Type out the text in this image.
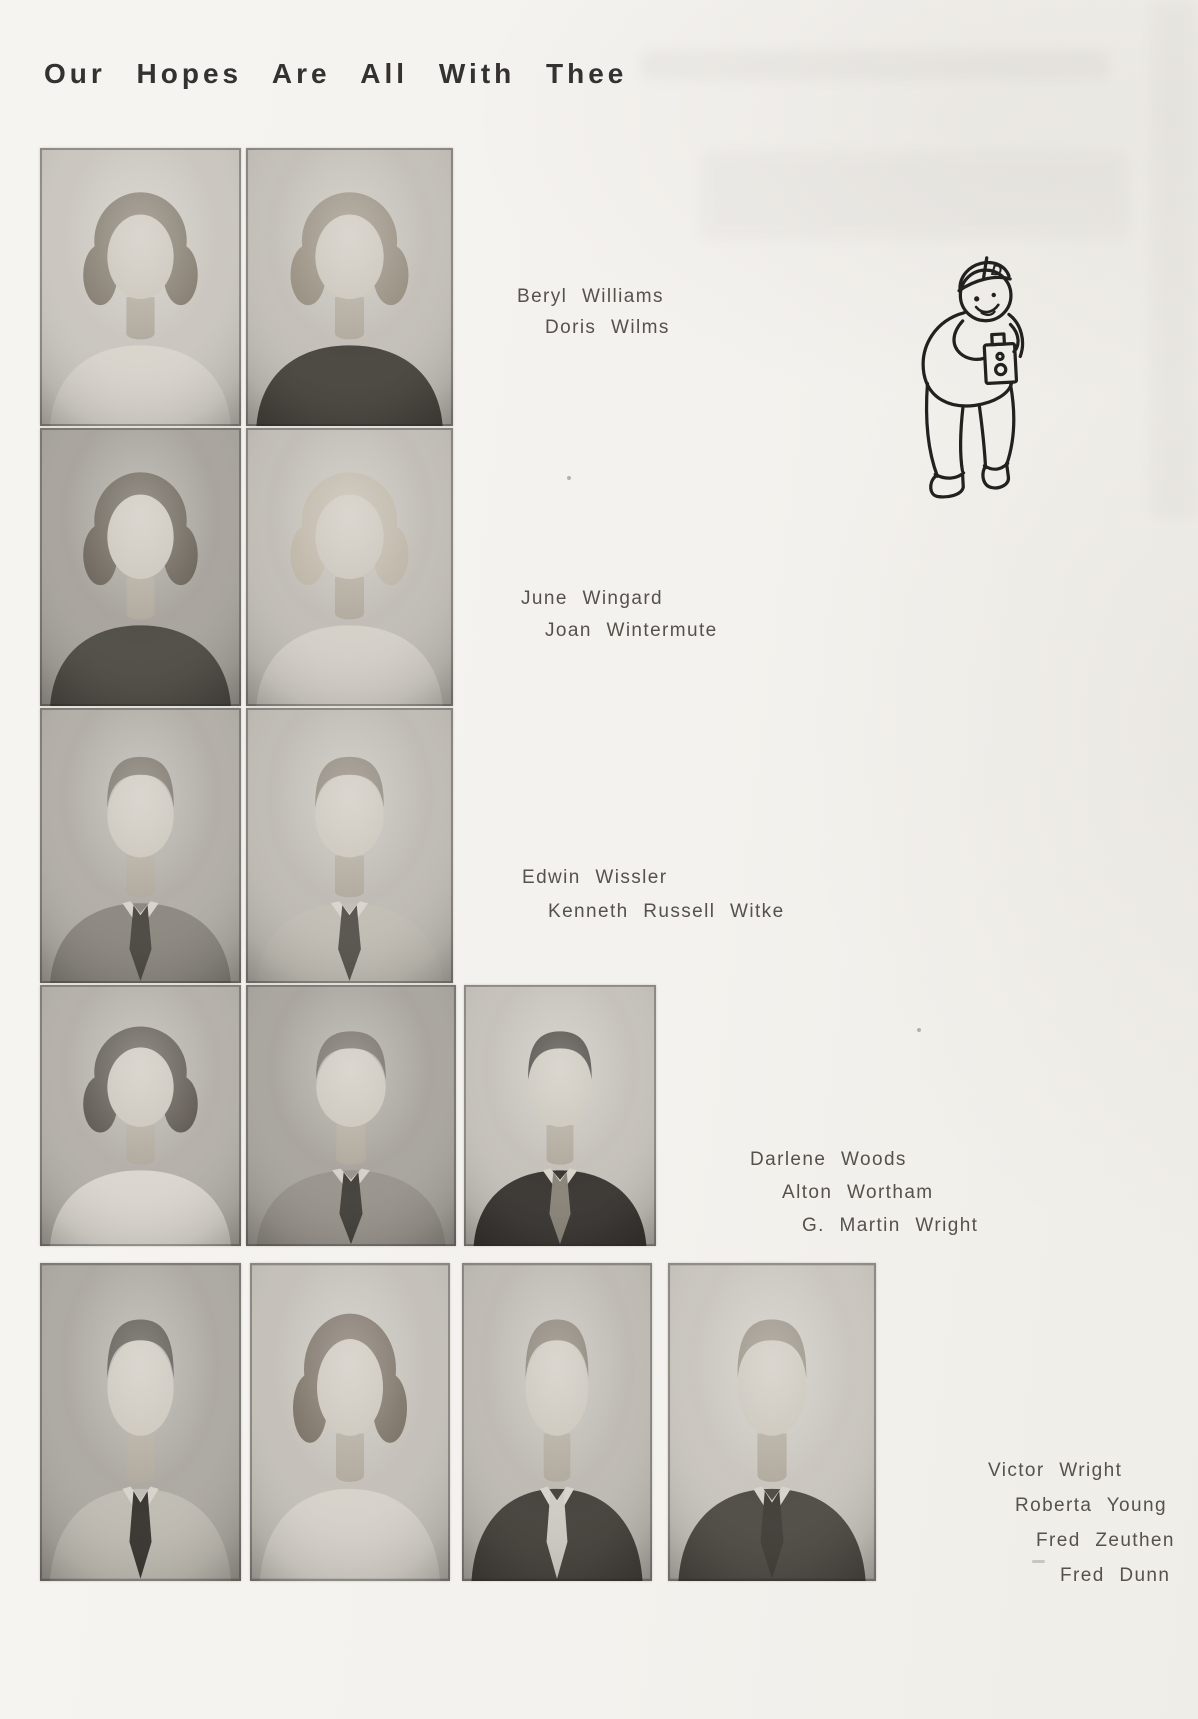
Our Hopes Are All With Thee
Beryl Williams
Doris Wilms
June Wingard
Joan Wintermute
Edwin Wissler
Kenneth Russell Witke
Darlene Woods
Alton Wortham
G. Martin Wright
Victor Wright
Roberta Young
Fred Zeuthen
Fred Dunn
D
